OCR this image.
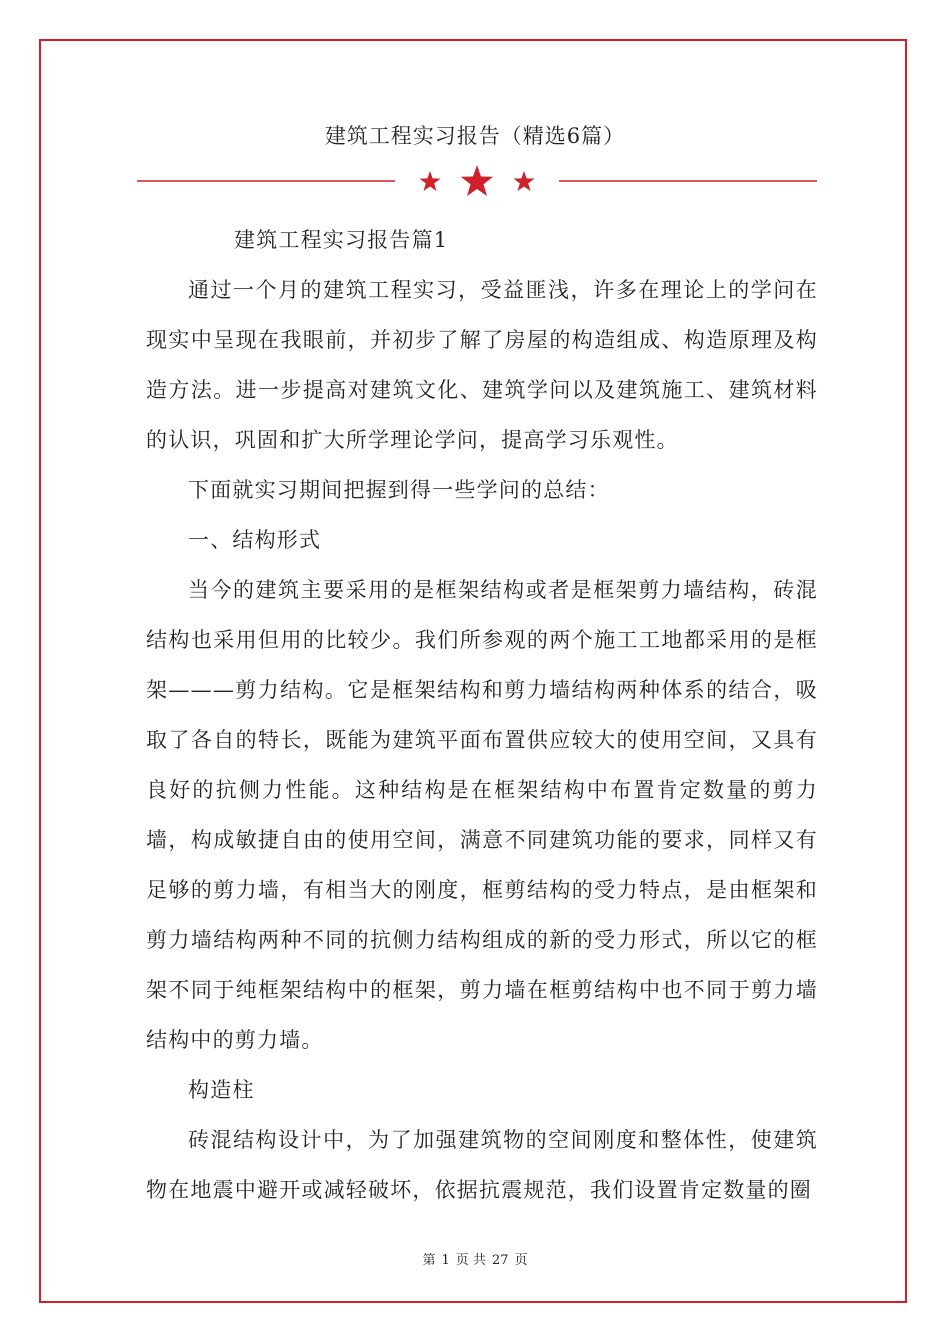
建筑工程实习报告（精选6篇）

建筑工程实习报告篇1

通过一个月的建筑工程实习，受益匪浅，许多在理论上的学问在现实中呈现在我眼前，并初步了解了房屋的构造组成、构造原理及构造方法。进一步提高对建筑文化、建筑学问以及建筑施工、建筑材料的认识，巩固和扩大所学理论学问，提高学习乐观性。

下面就实习期间把握到得一些学问的总结：

一、结构形式

当今的建筑主要采用的是框架结构或者是框架剪力墙结构，砖混结构也采用但用的比较少。我们所参观的两个施工工地都采用的是框架———剪力结构。它是框架结构和剪力墙结构两种体系的结合，吸取了各自的特长，既能为建筑平面布置供应较大的使用空间，又具有良好的抗侧力性能。这种结构是在框架结构中布置肯定数量的剪力墙，构成敏捷自由的使用空间，满意不同建筑功能的要求，同样又有足够的剪力墙，有相当大的刚度，框剪结构的受力特点，是由框架和剪力墙结构两种不同的抗侧力结构组成的新的受力形式，所以它的框架不同于纯框架结构中的框架，剪力墙在框剪结构中也不同于剪力墙结构中的剪力墙。

构造柱

砖混结构设计中，为了加强建筑物的空间刚度和整体性，使建筑物在地震中避开或减轻破坏，依据抗震规范，我们设置肯定数量的圈

第 1 页 共 27 页
